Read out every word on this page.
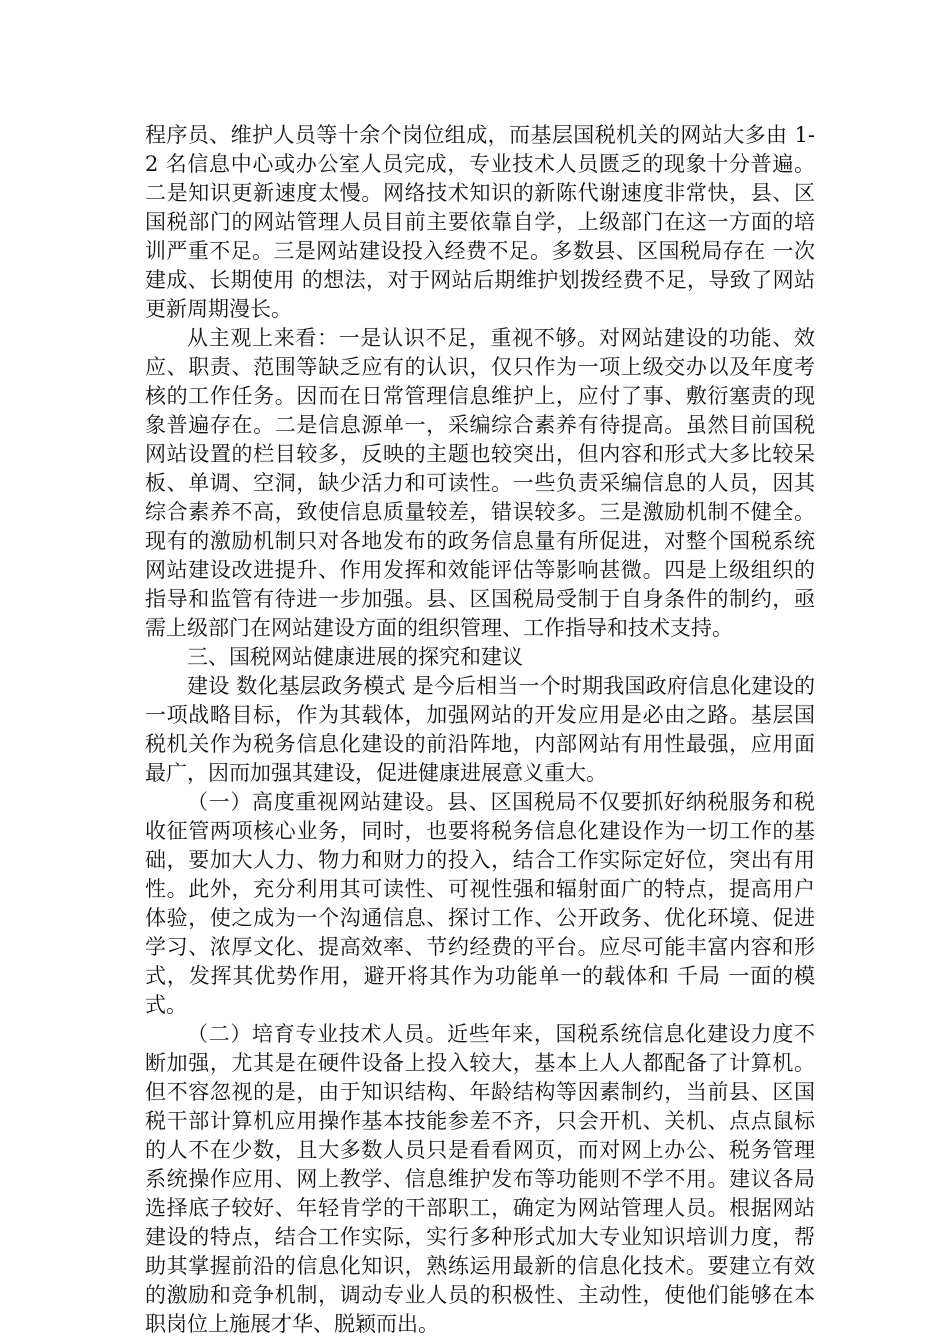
程序员、维护人员等十余个岗位组成，而基层国税机关的网站大多由 1-2 名信息中心或办公室人员完成，专业技术人员匮乏的现象十分普遍。二是知识更新速度太慢。网络技术知识的新陈代谢速度非常快，县、区国税部门的网站管理人员目前主要依靠自学，上级部门在这一方面的培训严重不足。三是网站建设投入经费不足。多数县、区国税局存在 一次建成、长期使用 的想法，对于网站后期维护划拨经费不足，导致了网站更新周期漫长。

从主观上来看：一是认识不足，重视不够。对网站建设的功能、效应、职责、范围等缺乏应有的认识，仅只作为一项上级交办以及年度考核的工作任务。因而在日常管理信息维护上，应付了事、敷衍塞责的现象普遍存在。二是信息源单一，采编综合素养有待提高。虽然目前国税网站设置的栏目较多，反映的主题也较突出，但内容和形式大多比较呆板、单调、空洞，缺少活力和可读性。一些负责采编信息的人员，因其综合素养不高，致使信息质量较差，错误较多。三是激励机制不健全。现有的激励机制只对各地发布的政务信息量有所促进，对整个国税系统网站建设改进提升、作用发挥和效能评估等影响甚微。四是上级组织的指导和监管有待进一步加强。县、区国税局受制于自身条件的制约，亟需上级部门在网站建设方面的组织管理、工作指导和技术支持。

三、国税网站健康进展的探究和建议

建设 数化基层政务模式 是今后相当一个时期我国政府信息化建设的一项战略目标，作为其载体，加强网站的开发应用是必由之路。基层国税机关作为税务信息化建设的前沿阵地，内部网站有用性最强，应用面最广，因而加强其建设，促进健康进展意义重大。

（一）高度重视网站建设。县、区国税局不仅要抓好纳税服务和税收征管两项核心业务，同时，也要将税务信息化建设作为一切工作的基础，要加大人力、物力和财力的投入，结合工作实际定好位，突出有用性。此外，充分利用其可读性、可视性强和辐射面广的特点，提高用户体验，使之成为一个沟通信息、探讨工作、公开政务、优化环境、促进学习、浓厚文化、提高效率、节约经费的平台。应尽可能丰富内容和形式，发挥其优势作用，避开将其作为功能单一的载体和 千局 一面的模式。

（二）培育专业技术人员。近些年来，国税系统信息化建设力度不断加强，尤其是在硬件设备上投入较大，基本上人人都配备了计算机。但不容忽视的是，由于知识结构、年龄结构等因素制约，当前县、区国税干部计算机应用操作基本技能参差不齐，只会开机、关机、点点鼠标的人不在少数，且大多数人员只是看看网页，而对网上办公、税务管理系统操作应用、网上教学、信息维护发布等功能则不学不用。建议各局选择底子较好、年轻肯学的干部职工，确定为网站管理人员。根据网站建设的特点，结合工作实际，实行多种形式加大专业知识培训力度，帮助其掌握前沿的信息化知识，熟练运用最新的信息化技术。要建立有效的激励和竞争机制，调动专业人员的积极性、主动性，使他们能够在本职岗位上施展才华、脱颖而出。
